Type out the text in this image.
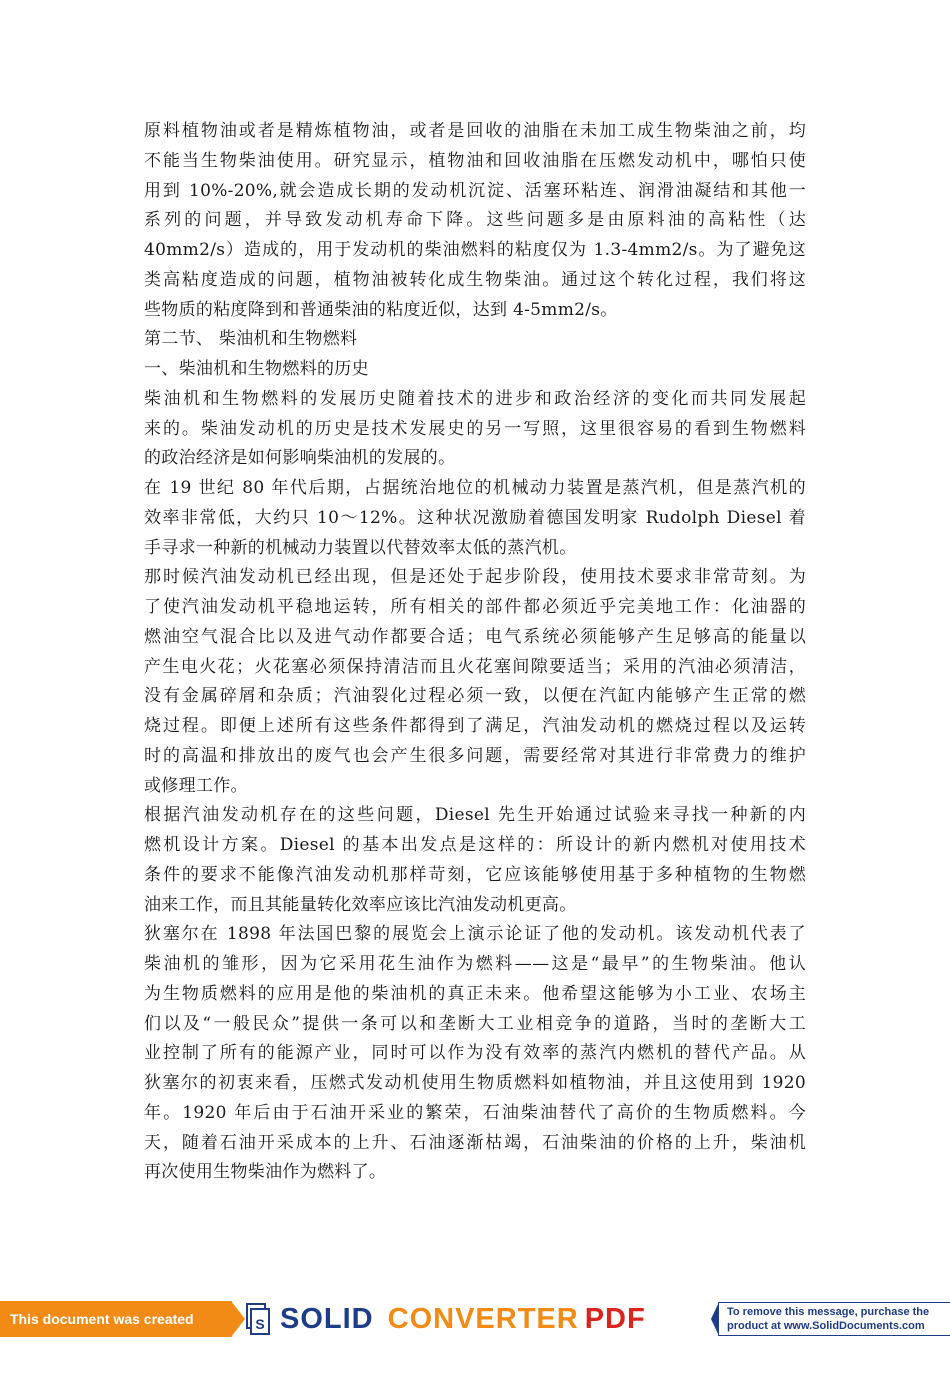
原料植物油或者是精炼植物油，或者是回收的油脂在未加工成生物柴油之前，均
不能当生物柴油使用。研究显示，植物油和回收油脂在压燃发动机中，哪怕只使
用到 10%-20%,就会造成长期的发动机沉淀、活塞环粘连、润滑油凝结和其他一
系列的问题，并导致发动机寿命下降。这些问题多是由原料油的高粘性（达
40mm2/s）造成的，用于发动机的柴油燃料的粘度仅为 1.3-4mm2/s。为了避免这
类高粘度造成的问题，植物油被转化成生物柴油。通过这个转化过程，我们将这
些物质的粘度降到和普通柴油的粘度近似，达到 4-5mm2/s。
第二节、 柴油机和生物燃料
一、柴油机和生物燃料的历史
柴油机和生物燃料的发展历史随着技术的进步和政治经济的变化而共同发展起
来的。柴油发动机的历史是技术发展史的另一写照，这里很容易的看到生物燃料
的政治经济是如何影响柴油机的发展的。
在 19 世纪 80 年代后期，占据统治地位的机械动力装置是蒸汽机，但是蒸汽机的
效率非常低，大约只 10～12%。这种状况激励着德国发明家 Rudolph Diesel 着
手寻求一种新的机械动力装置以代替效率太低的蒸汽机。
那时候汽油发动机已经出现，但是还处于起步阶段，使用技术要求非常苛刻。为
了使汽油发动机平稳地运转，所有相关的部件都必须近乎完美地工作：化油器的
燃油空气混合比以及进气动作都要合适；电气系统必须能够产生足够高的能量以
产生电火花；火花塞必须保持清洁而且火花塞间隙要适当；采用的汽油必须清洁，
没有金属碎屑和杂质；汽油裂化过程必须一致，以便在汽缸内能够产生正常的燃
烧过程。即便上述所有这些条件都得到了满足，汽油发动机的燃烧过程以及运转
时的高温和排放出的废气也会产生很多问题，需要经常对其进行非常费力的维护
或修理工作。
根据汽油发动机存在的这些问题，Diesel 先生开始通过试验来寻找一种新的内
燃机设计方案。Diesel 的基本出发点是这样的：所设计的新内燃机对使用技术
条件的要求不能像汽油发动机那样苛刻，它应该能够使用基于多种植物的生物燃
油来工作，而且其能量转化效率应该比汽油发动机更高。
狄塞尔在 1898 年法国巴黎的展览会上演示论证了他的发动机。该发动机代表了
柴油机的雏形，因为它采用花生油作为燃料——这是“最早”的生物柴油。他认
为生物质燃料的应用是他的柴油机的真正未来。他希望这能够为小工业、农场主
们以及“一般民众”提供一条可以和垄断大工业相竞争的道路，当时的垄断大工
业控制了所有的能源产业，同时可以作为没有效率的蒸汽内燃机的替代产品。从
狄塞尔的初衷来看，压燃式发动机使用生物质燃料如植物油，并且这使用到 1920
年。1920 年后由于石油开采业的繁荣，石油柴油替代了高价的生物质燃料。今
天，随着石油开采成本的上升、石油逐渐枯竭，石油柴油的价格的上升，柴油机
再次使用生物柴油作为燃料了。
This document was created using
S SOLID CONVERTER PDF	To remove this message, purchase the
product at www.SolidDocuments.com
